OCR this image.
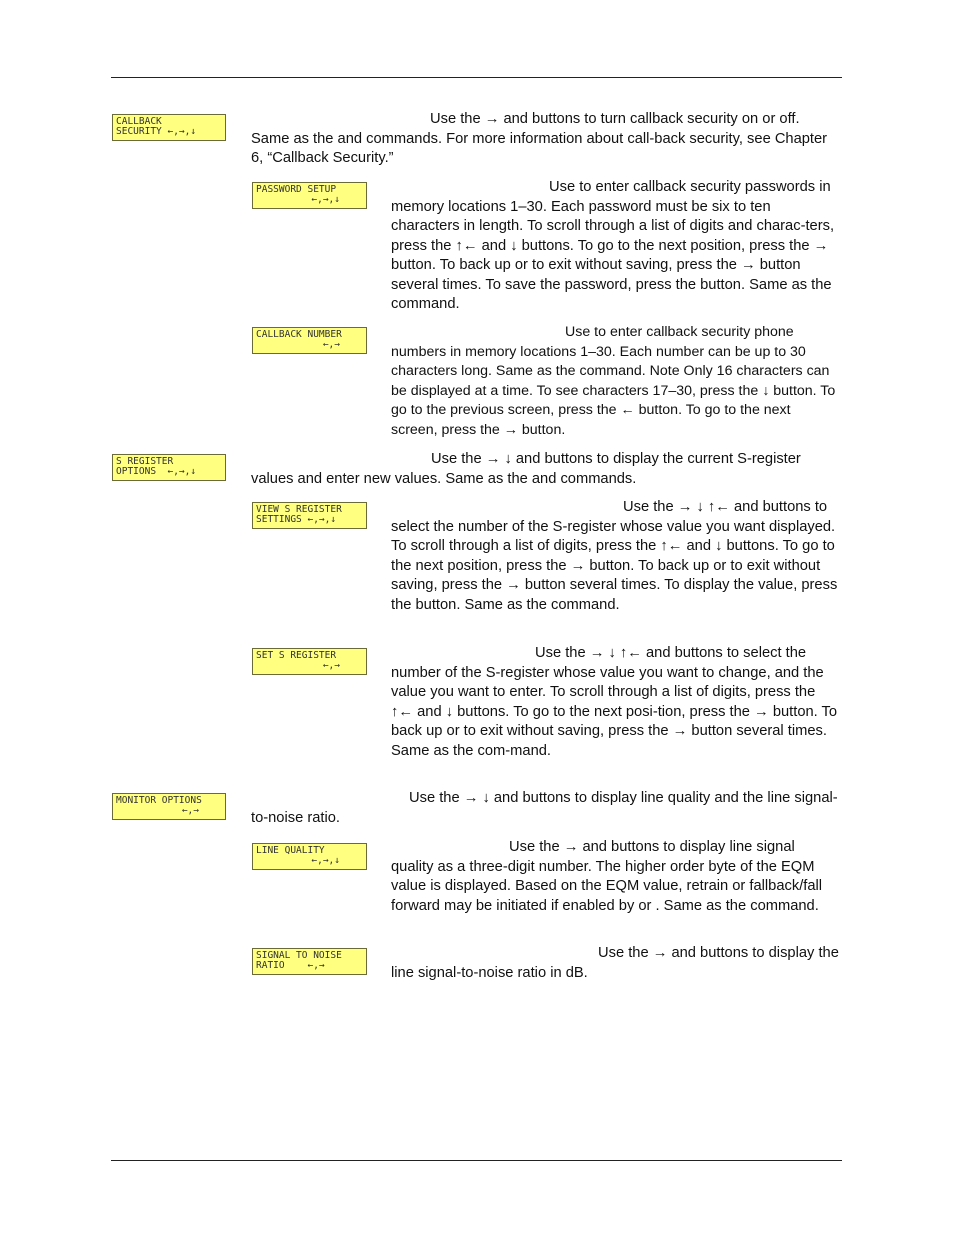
CALLBACK
SECURITY ←,→,↓

Use the → and buttons to turn callback security on or off. Same as the and commands. For more information about call-back security, see Chapter 6, “Callback Security.”

PASSWORD SETUP
←,→,↓

Use to enter callback security passwords in memory locations 1–30. Each password must be six to ten characters in length. To scroll through a list of digits and charac-ters, press the ↑← and ↓ buttons. To go to the next position, press the → button. To back up or to exit without saving, press the → button several times. To save the password, press the button. Same as the command.

CALLBACK NUMBER
←,→

Use to enter callback security phone numbers in memory locations 1–30. Each number can be up to 30 characters long. Same as the command. Note Only 16 characters can be displayed at a time. To see characters 17–30, press the ↓ button. To go to the previous screen, press the ← button. To go to the next screen, press the → button.

S REGISTER
OPTIONS  ←,→,↓

Use the → ↓ and buttons to display the current S-register values and enter new values. Same as the and commands.

VIEW S REGISTER
SETTINGS ←,→,↓

Use the → ↓ ↑← and buttons to select the number of the S-register whose value you want displayed. To scroll through a list of digits, press the ↑← and ↓ buttons. To go to the next position, press the → button. To back up or to exit without saving, press the → button several times. To display the value, press the button. Same as the command.

SET S REGISTER
←,→

Use the → ↓ ↑← and buttons to select the number of the S-register whose value you want to change, and the value you want to enter. To scroll through a list of digits, press the ↑← and ↓ buttons. To go to the next posi-tion, press the → button. To back up or to exit without saving, press the → button several times. Same as the com-mand.

MONITOR OPTIONS
←,→

Use the → ↓ and buttons to display line quality and the line signal-to-noise ratio.

LINE QUALITY
←,→,↓

Use the → and buttons to display line signal quality as a three-digit number. The higher order byte of the EQM value is displayed. Based on the EQM value, retrain or fallback/fall forward may be initiated if enabled by or . Same as the command.

SIGNAL TO NOISE
RATIO    ←,→

Use the → and buttons to display the line signal-to-noise ratio in dB.
